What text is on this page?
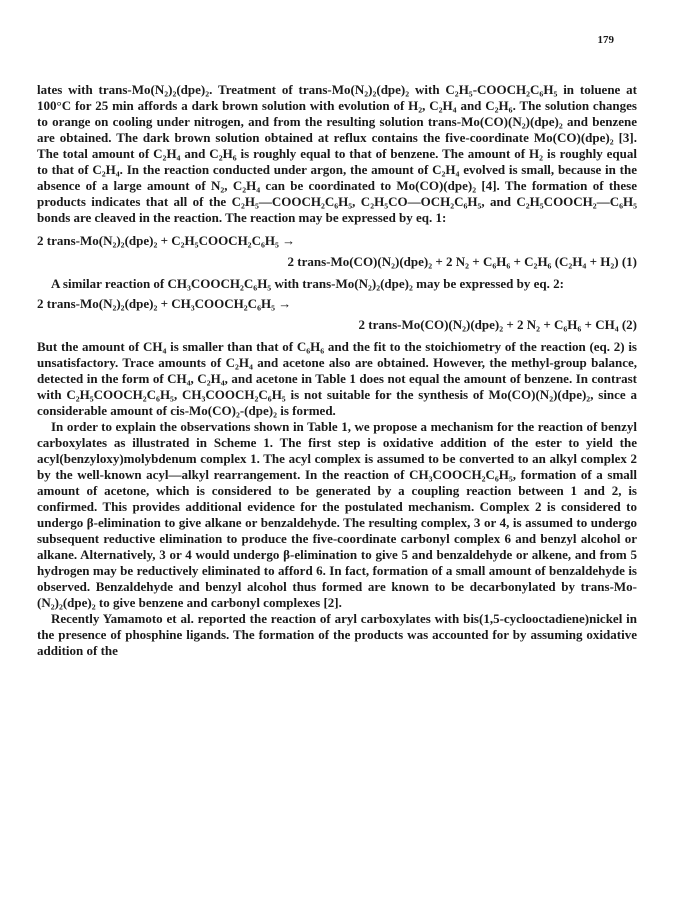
179

lates with trans-Mo(N₂)₂(dpe)₂. Treatment of trans-Mo(N₂)₂(dpe)₂ with C₂H₅-COOCH₂C₆H₅ in toluene at 100°C for 25 min affords a dark brown solution with evolution of H₂, C₂H₄ and C₂H₆. The solution changes to orange on cooling under nitrogen, and from the resulting solution trans-Mo(CO)(N₂)(dpe)₂ and benzene are obtained. The dark brown solution obtained at reflux contains the five-coordinate Mo(CO)(dpe)₂ [3]. The total amount of C₂H₄ and C₂H₆ is roughly equal to that of benzene. The amount of H₂ is roughly equal to that of C₂H₄. In the reaction conducted under argon, the amount of C₂H₄ evolved is small, because in the absence of a large amount of N₂, C₂H₄ can be coordinated to Mo(CO)(dpe)₂ [4]. The formation of these products indicates that all of the C₂H₅—COOCH₂C₆H₅, C₂H₅CO—OCH₂C₆H₅, and C₂H₅COOCH₂—C₆H₅ bonds are cleaved in the reaction. The reaction may be expressed by eq. 1:

2 trans-Mo(N₂)₂(dpe)₂ + C₂H₅COOCH₂C₆H₅ →
2 trans-Mo(CO)(N₂)(dpe)₂ + 2 N₂ + C₆H₆ + C₂H₆ (C₂H₄ + H₂) (1)

A similar reaction of CH₃COOCH₂C₆H₅ with trans-Mo(N₂)₂(dpe)₂ may be expressed by eq. 2:

2 trans-Mo(N₂)₂(dpe)₂ + CH₃COOCH₂C₆H₅ →
2 trans-Mo(CO)(N₂)(dpe)₂ + 2 N₂ + C₆H₆ + CH₄ (2)

But the amount of CH₄ is smaller than that of C₆H₆ and the fit to the stoichiometry of the reaction (eq. 2) is unsatisfactory. Trace amounts of C₂H₄ and acetone also are obtained. However, the methyl-group balance, detected in the form of CH₄, C₂H₄, and acetone in Table 1 does not equal the amount of benzene. In contrast with C₂H₅COOCH₂C₆H₅, CH₃COOCH₂C₆H₅ is not suitable for the synthesis of Mo(CO)(N₂)(dpe)₂, since a considerable amount of cis-Mo(CO)₂-(dpe)₂ is formed.

In order to explain the observations shown in Table 1, we propose a mechanism for the reaction of benzyl carboxylates as illustrated in Scheme 1. The first step is oxidative addition of the ester to yield the acyl(benzyloxy)molybdenum complex 1. The acyl complex is assumed to be converted to an alkyl complex 2 by the well-known acyl—alkyl rearrangement. In the reaction of CH₃COOCH₂C₆H₅, formation of a small amount of acetone, which is considered to be generated by a coupling reaction between 1 and 2, is confirmed. This provides additional evidence for the postulated mechanism. Complex 2 is considered to undergo β-elimination to give alkane or benzaldehyde. The resulting complex, 3 or 4, is assumed to undergo subsequent reductive elimination to produce the five-coordinate carbonyl complex 6 and benzyl alcohol or alkane. Alternatively, 3 or 4 would undergo β-elimination to give 5 and benzaldehyde or alkene, and from 5 hydrogen may be reductively eliminated to afford 6. In fact, formation of a small amount of benzaldehyde is observed. Benzaldehyde and benzyl alcohol thus formed are known to be decarbonylated by trans-Mo-(N₂)₂(dpe)₂ to give benzene and carbonyl complexes [2].

Recently Yamamoto et al. reported the reaction of aryl carboxylates with bis(1,5-cyclooctadiene)nickel in the presence of phosphine ligands. The formation of the products was accounted for by assuming oxidative addition of the
